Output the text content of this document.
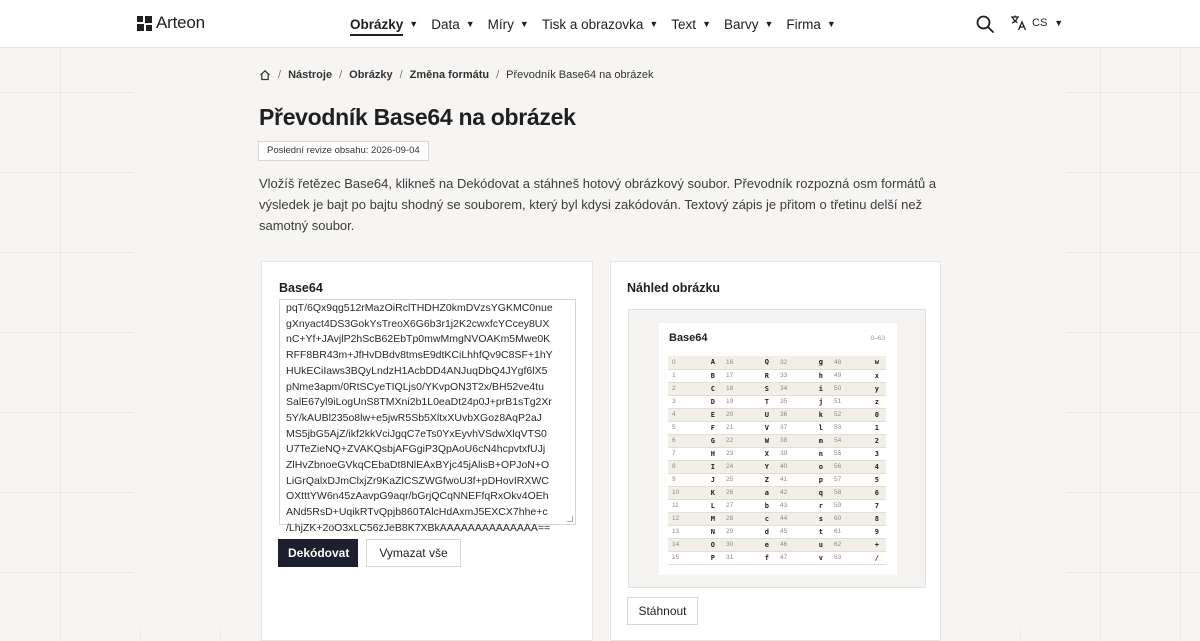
Arteon	Obrázky ▼ Data ▼ Míry ▼ Tisk a obrazovka ▼ Text ▼ Barvy ▼ Firma ▼	CS ▼
/ Nástroje / Obrázky / Změna formátu / Převodník Base64 na obrázek
Převodník Base64 na obrázek
Poslední revize obsahu: 2026-09-04

Vložíš řetězec Base64, klikneš na Dekódovat a stáhneš hotový obrázkový soubor. Převodník rozpozná osm formátů a výsledek je bajt po bajtu shodný se souborem, který byl kdysi zakódován. Textový zápis je přitom o třetinu delší než samotný soubor.

Base64
pqT/6Qx9qg512rMazOiRclTHDHZ0kmDVzsYGKMC0nue
gXnyact4DS3GokYsTreoX6G6b3r1j2K2cwxfcYCcey8UX
nC+Yf+JAvjlP2hScB62EbTp0mwMmgNVOAKm5Mwe0K
RFF8BR43m+JfHvDBdv8tmsE9dtKCiLhhfQv9C8SF+1hY
HUkECiIaws3BQyLndzH1AcbDD4ANJuqDbQ4JYgf6lX5
pNme3apm/0RtSCyeTIQLjs0/YKvpON3T2x/BH52ve4tu
SalE67yl9iLogUnS8TMXni2b1L0eaDt24p0J+prB1sTg2Xr
5Y/kAUBl235o8lw+e5jwR5Sb5XltxXUvbXGoz8AqP2aJ
MS5jbG5AjZ/ikf2kkVciJgqC7eTs0YxEyvhVSdwXlqVTS0
U7TeZieNQ+ZVAKQsbjAFGgiP3QpAoU6cN4hcpvtxfUJj
ZlHvZbnoeGVkqCEbaDt8NlEAxBYjc45jAlisB+OPJoN+O
LiGrQalxDJmClxjZr9KaZlCSZWGfwoU3f+pDHovIRXWC
OXtttYW6n45zAavpG9aqr/bGrjQCqNNEFfqRxOkv4OEh
ANd5RsD+UqikRTvQpjb860TAlcHdAxmJ5EXCX7hhe+c
/LhjZK+2oO3xLC56zJeB8K7XBkAAAAAAAAAAAAAA==
Dekódovat	Vymazat vše
Náhled obrázku
Base64	0–63
0	A	16	Q	32	g	48	w
1	B	17	R	33	h	49	x
2	C	18	S	34	i	50	y
3	D	19	T	35	j	51	z
4	E	20	U	36	k	52	0
5	F	21	V	37	l	53	1
6	G	22	W	38	m	54	2
7	H	23	X	39	n	55	3
8	I	24	Y	40	o	56	4
9	J	25	Z	41	p	57	5
10	K	26	a	42	q	58	6
11	L	27	b	43	r	59	7
12	M	28	c	44	s	60	8
13	N	29	d	45	t	61	9
14	O	30	e	46	u	62	+
15	P	31	f	47	v	63	/
Stáhnout
